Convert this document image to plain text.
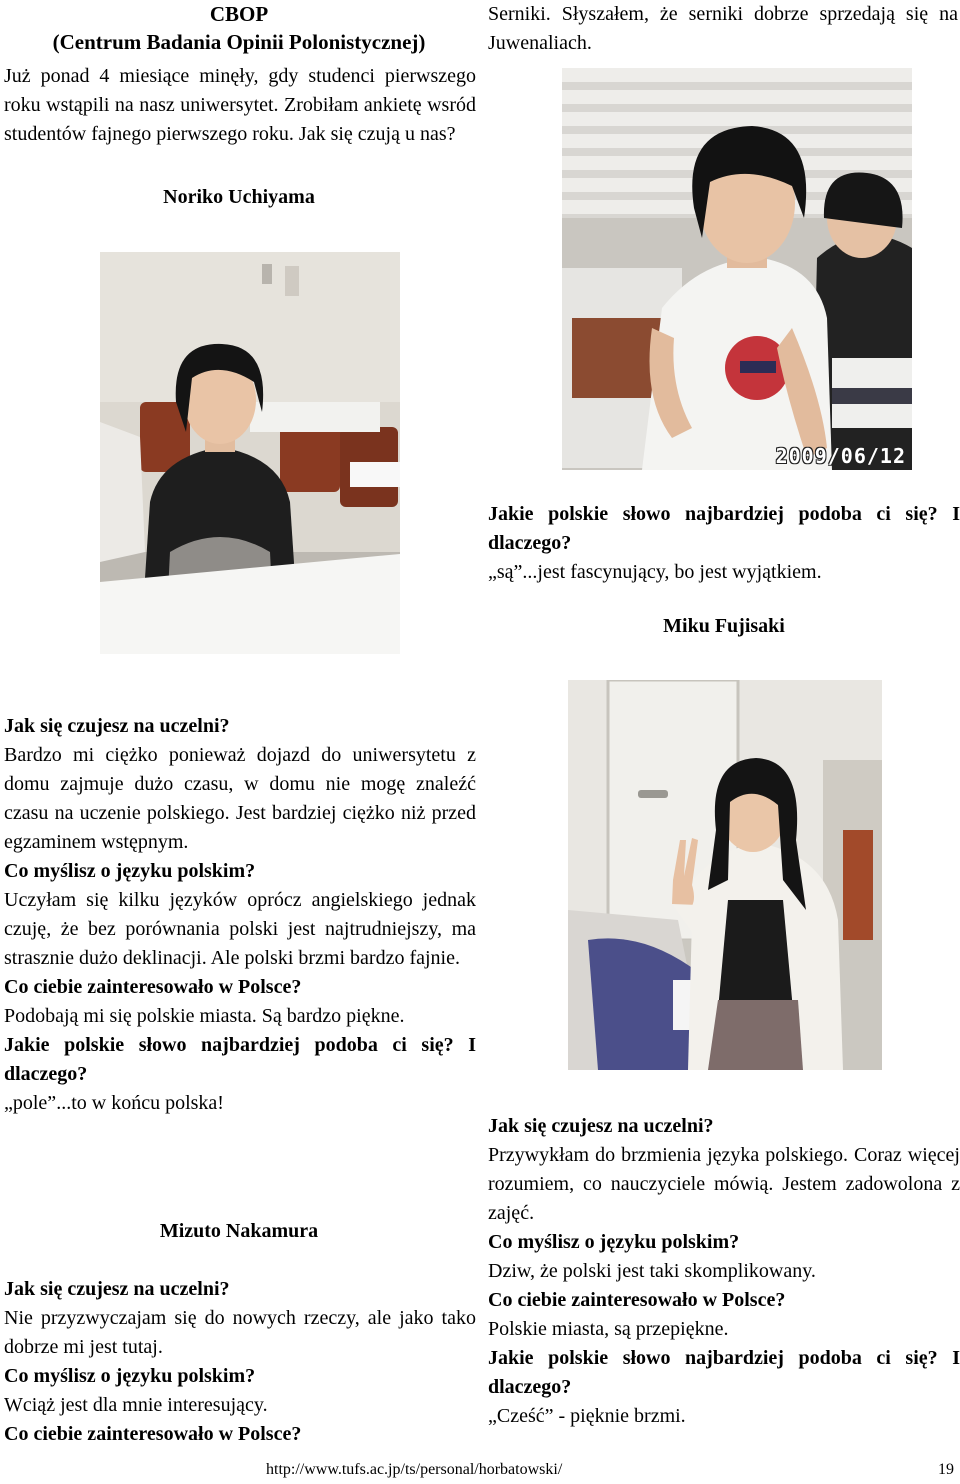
CBOP
(Centrum Badania Opinii Polonistycznej)

Już ponad 4 miesiące minęły, gdy studenci pierwszego roku wstąpili na nasz uniwersytet. Zrobiłam ankietę wsród studentów fajnego pierwszego roku. Jak się czują u nas?

Noriko Uchiyama
Serniki. Słyszałem, że serniki dobrze sprzedają się na Juwenaliach.
2009/06/12

Jakie polskie słowo najbardziej podoba ci się? I dlaczego?

„są”...jest fascynujący, bo jest wyjątkiem.

Miku Fujisaki

Jak się czujesz na uczelni?

Bardzo mi ciężko ponieważ dojazd do uniwersytetu z domu zajmuje dużo czasu, w domu nie mogę znaleźć czasu na uczenie polskiego. Jest bardziej ciężko niż przed egzaminem wstępnym.

Co myślisz o języku polskim?

Uczyłam się kilku języków oprócz angielskiego jednak czuję, że bez porównania polski jest najtrudniejszy, ma strasznie dużo deklinacji. Ale polski brzmi bardzo fajnie.

Co ciebie zainteresowało w Polsce?

Podobają mi się polskie miasta. Są bardzo piękne.

Jakie polskie słowo najbardziej podoba ci się? I dlaczego?

„pole”...to w końcu polska!

Mizuto Nakamura

Jak się czujesz na uczelni?

Nie przyzwyczajam się do nowych rzeczy, ale jako tako dobrze mi jest tutaj.

Co myślisz o języku polskim?

Wciąż jest dla mnie interesujący.

Co ciebie zainteresowało w Polsce?

Jak się czujesz na uczelni?

Przywykłam do brzmienia języka polskiego. Coraz więcej rozumiem, co nauczyciele mówią. Jestem zadowolona z zajęć.

Co myślisz o języku polskim?

Dziw, że polski jest taki skomplikowany.

Co ciebie zainteresowało w Polsce?

Polskie miasta, są przepiękne.

Jakie polskie słowo najbardziej podoba ci się? I dlaczego?

„Cześć” - pięknie brzmi.

http://www.tufs.ac.jp/ts/personal/horbatowski/	19
